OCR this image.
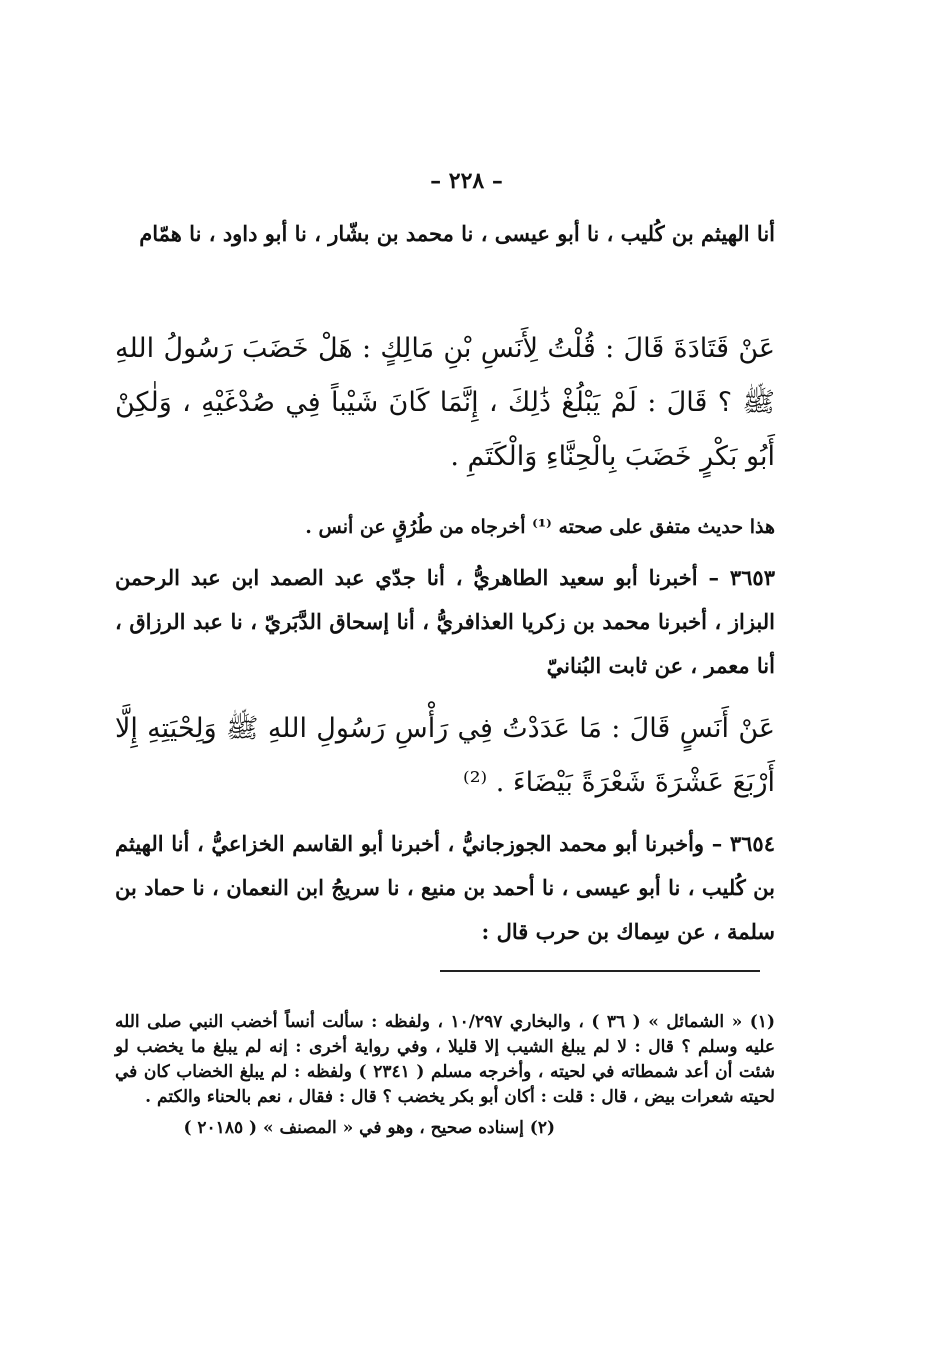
– ٢٢٨ –

أنا الهيثم بن كُليب ، نا أبو عيسى ، نا محمد بن بشّار ، نا أبو داود ، نا همّام

عَنْ قَتَادَةَ قَالَ : قُلْتُ لِأَنَسِ بْنِ مَالِكٍ : هَلْ خَضَبَ رَسُولُ اللهِ ﷺ ؟ قَالَ : لَمْ يَبْلُغْ ذَٰلِكَ ، إِنَّمَا كَانَ شَيْباً فِي صُدْغَيْهِ ، وَلٰكِنْ أَبُو بَكْرٍ خَضَبَ بِالْحِنَّاءِ وَالْكَتَمِ .

هذا حديث متفق على صحته ⁽¹⁾ أخرجاه من طُرُقٍ عن أنس .

٣٦٥٣ – أخبرنا أبو سعيد الطاهريُّ ، أنا جدّي عبد الصمد ابن عبد الرحمن البزاز ، أخبرنا محمد بن زكريا العذافريُّ ، أنا إسحاق الدَّبَريّ ، نا عبد الرزاق ، أنا معمر ، عن ثابت البُنانيّ

عَنْ أَنَسٍ قَالَ : مَا عَدَدْتُ فِي رَأْسِ رَسُولِ اللهِ ﷺ وَلِحْيَتِهِ إِلَّا أَرْبَعَ عَشْرَةَ شَعْرَةً بَيْضَاءَ . ⁽²⁾

٣٦٥٤ – وأخبرنا أبو محمد الجوزجانيُّ ، أخبرنا أبو القاسم الخزاعيُّ ، أنا الهيثم بن كُليب ، نا أبو عيسى ، نا أحمد بن منيع ، نا سريجُ ابن النعمان ، نا حماد بن سلمة ، عن سِماك بن حرب قال :

(١) « الشمائل » ( ٣٦ ) ، والبخاري ١٠/٢٩٧ ، ولفظه : سألت أنساً أخضب النبي صلى الله عليه وسلم ؟ قال : لا لم يبلغ الشيب إلا قليلا ، وفي رواية أخرى : إنه لم يبلغ ما يخضب لو شئت أن أعد شمطاته في لحيته ، وأخرجه مسلم ( ٢٣٤١ ) ولفظه : لم يبلغ الخضاب كان في لحيته شعرات بيض ، قال : قلت : أكان أبو بكر يخضب ؟ قال : فقال ، نعم بالحناء والكتم .

(٢) إسناده صحيح ، وهو في « المصنف » ( ٢٠١٨٥ )
